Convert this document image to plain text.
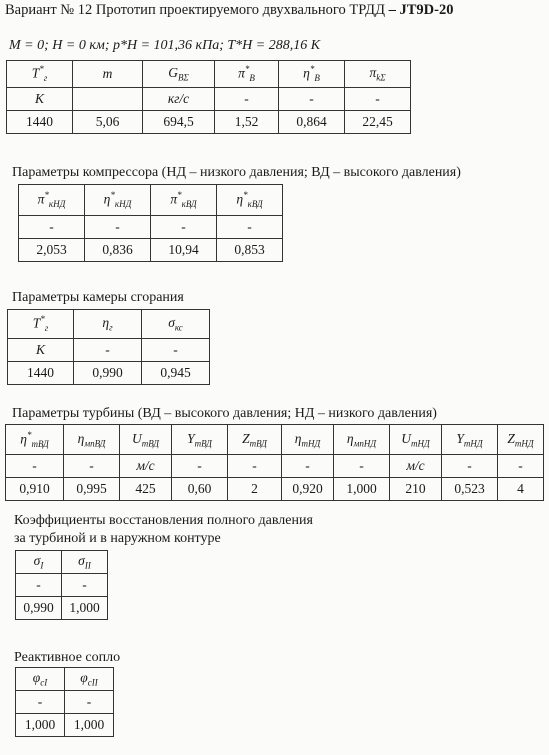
Вариант № 12 Прототип проектируемого двухвального ТРДД – JT9D-20
M = 0; H = 0 км; p*H = 101,36 кПа; T*H = 288,16 K
$T^*_г$	m	$G_{B\Sigma}$	$\pi^*_B$	$\eta^*_B$	$\pi_{k\Sigma}$
K		кг/с	-	-	-
1440	5,06	694,5	1,52	0,864	22,45
Параметры компрессора (НД – низкого давления; ВД – высокого давления)
$\pi^*_{кНД}$	$\eta^*_{кНД}$	$\pi^*_{кВД}$	$\eta^*_{кВД}$
-	-	-	-
2,053	0,836	10,94	0,853
Параметры камеры сгорания
$T^*_г$	$\eta_г$	$\sigma_{кс}$
K	-	-
1440	0,990	0,945
Параметры турбины (ВД – высокого давления; НД – низкого давления)
$\eta^*_{mВД}$	$\eta_{мпВД}$	$U_{mВД}$	$Y_{mВД}$	$Z_{mВД}$	$\eta_{mНД}$	$\eta_{мпНД}$	$U_{mНД}$	$Y_{mНД}$	$Z_{mНД}$
-	-	м/с	-	-	-	-	м/с	-	-
0,910	0,995	425	0,60	2	0,920	1,000	210	0,523	4
Коэффициенты восстановления полного давления
за турбиной и в наружном контуре
$\sigma_I$	$\sigma_{II}$
-	-
0,990	1,000
Реактивное сопло
$\varphi_{cI}$	$\varphi_{cII}$
-	-
1,000	1,000
